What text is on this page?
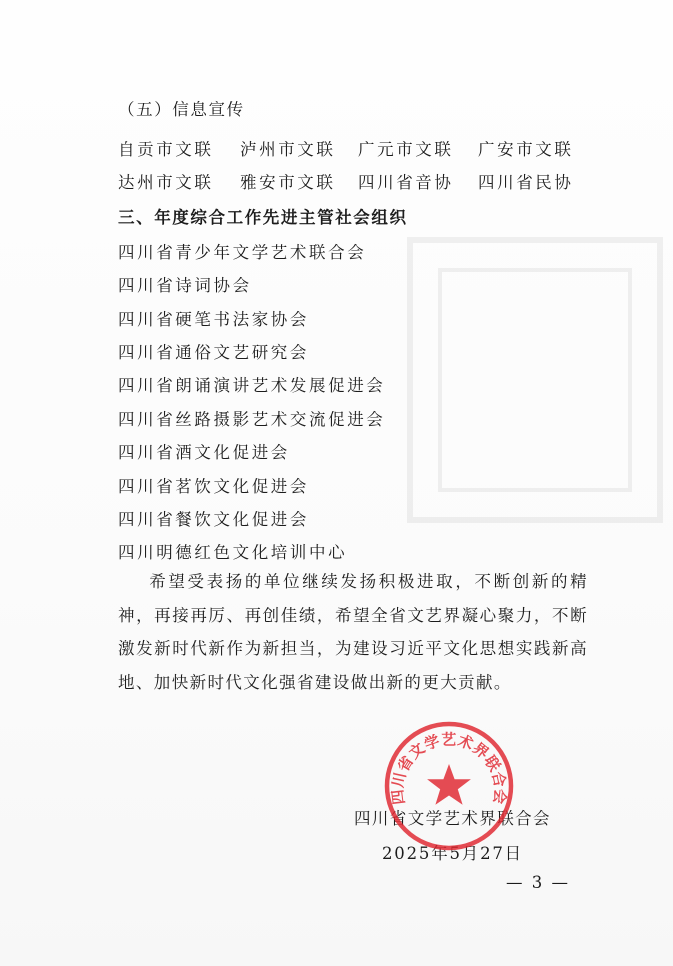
（五）信息宣传
自贡市文联 泸州市文联 广元市文联 广安市文联
达州市文联 雅安市文联 四川省音协 四川省民协
三、年度综合工作先进主管社会组织
四川省青少年文学艺术联合会
四川省诗词协会
四川省硬笔书法家协会
四川省通俗文艺研究会
四川省朗诵演讲艺术发展促进会
四川省丝路摄影艺术交流促进会
四川省酒文化促进会
四川省茗饮文化促进会
四川省餐饮文化促进会
四川明德红色文化培训中心
希望受表扬的单位继续发扬积极进取，不断创新的精神，再接再厉、再创佳绩，希望全省文艺界凝心聚力，不断激发新时代新作为新担当，为建设习近平文化思想实践新高地、加快新时代文化强省建设做出新的更大贡献。
四川省文学艺术界联合会
四川省文学艺术界联合会
2025年5月27日
— 3 —
